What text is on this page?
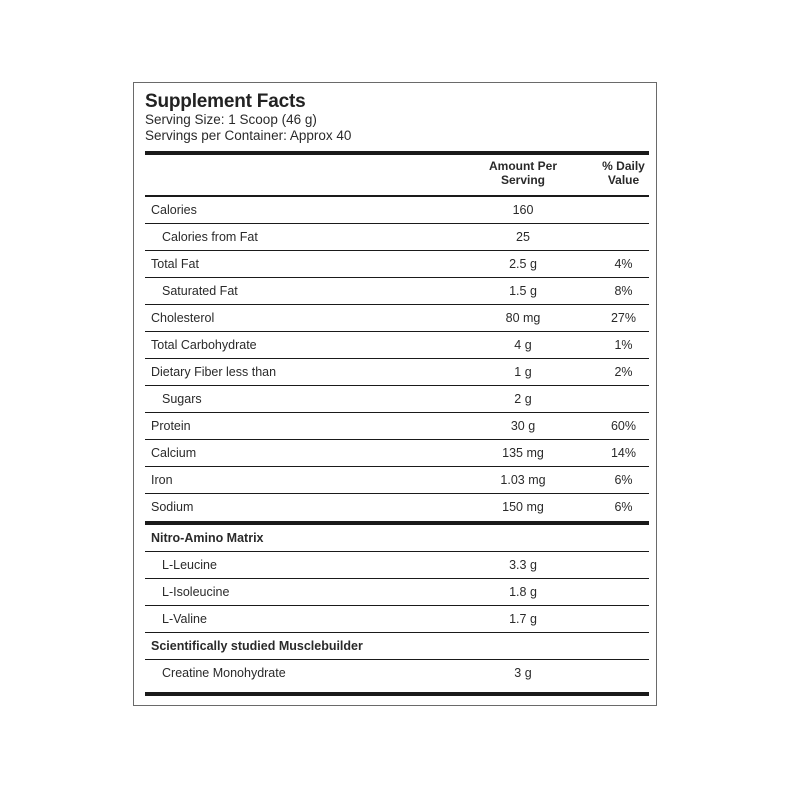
Supplement Facts
Serving Size: 1 Scoop (46 g)
Servings per Container: Approx 40
Amount Per
Serving
% Daily
Value
Calories	160
Calories from Fat	25
Total Fat	2.5 g	4%
Saturated Fat	1.5 g	8%
Cholesterol	80 mg	27%
Total Carbohydrate	4 g	1%
Dietary Fiber less than	1 g	2%
Sugars	2 g
Protein	30 g	60%
Calcium	135 mg	14%
Iron	1.03 mg	6%
Sodium	150 mg	6%
Nitro-Amino Matrix
L-Leucine	3.3 g
L-Isoleucine	1.8 g
L-Valine	1.7 g
Scientifically studied Musclebuilder
Creatine Monohydrate	3 g
